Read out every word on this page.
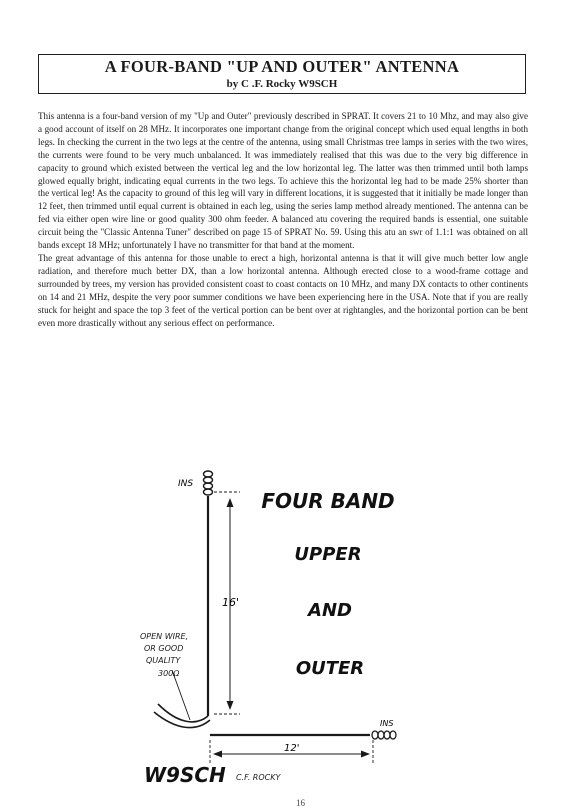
A FOUR-BAND "UP AND OUTER" ANTENNA
by C .F. Rocky W9SCH

This antenna is a four-band version of my "Up and Outer" previously described in SPRAT. It covers 21 to 10 Mhz, and may also give a good account of itself on 28 MHz. It incorporates one important change from the original concept which used equal lengths in both legs. In checking the current in the two legs at the centre of the antenna, using small Christmas tree lamps in series with the two wires, the currents were found to be very much unbalanced. It was immediately realised that this was due to the very big difference in capacity to ground which existed between the vertical leg and the low horizontal leg. The latter was then trimmed until both lamps glowed equally bright, indicating equal currents in the two legs. To achieve this the horizontal leg had to be made 25% shorter than the vertical leg! As the capacity to ground of this leg will vary in different locations, it is suggested that it initially be made longer than 12 feet, then trimmed until equal current is obtained in each leg, using the series lamp method already mentioned. The antenna can be fed via either open wire line or good quality 300 ohm feeder. A balanced atu covering the required bands is essential, one suitable circuit being the "Classic Antenna Tuner" described on page 15 of SPRAT No. 59. Using this atu an swr of 1.1:1 was obtained on all bands except 18 MHz; unfortunately I have no transmitter for that band at the moment.

The great advantage of this antenna for those unable to erect a high, horizontal antenna is that it will give much better low angle radiation, and therefore much better DX, than a low horizontal antenna. Although erected close to a wood-frame cottage and surrounded by trees, my version has provided consistent coast to coast contacts on 10 MHz, and many DX contacts to other continents on 14 and 21 MHz, despite the very poor summer conditions we have been experiencing here in the USA. Note that if you are really stuck for height and space the top 3 feet of the vertical portion can be bent over at rightangles, and the horizontal portion can be bent even more drastically without any serious effect on performance.

INS
16'
OPEN WIRE,
OR GOOD
QUALITY
300Ω
INS
12'
FOUR BAND
UPPER
AND
OUTER
W9SCH C.F. ROCKY
16
